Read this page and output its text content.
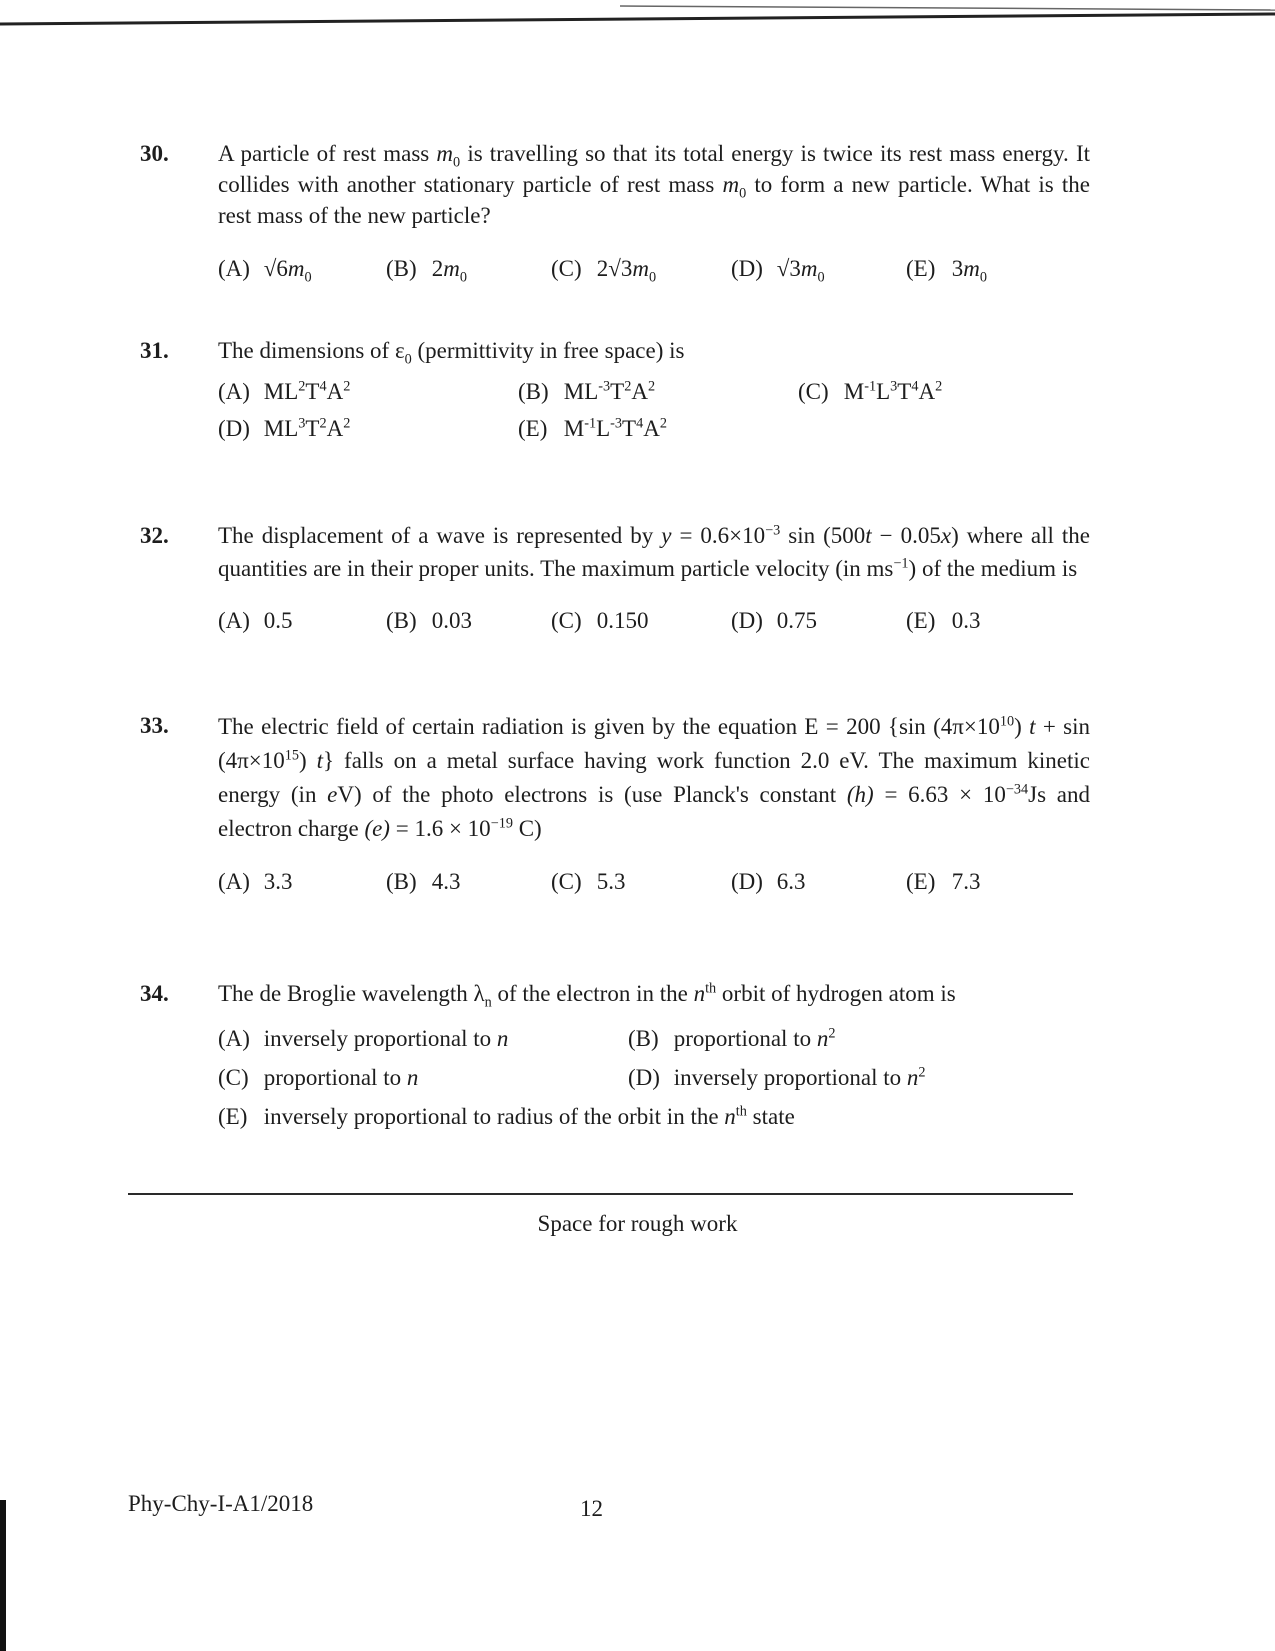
30.	A particle of rest mass $m_0$ is travelling so that its total energy is twice its rest mass energy. It collides with another stationary particle of rest mass $m_0$ to form a new particle. What is the rest mass of the new particle?
(A) $√6m_0$	(B) $2m_0$	(C) $2√3m_0$	(D) $√3m_0$	(E) $3m_0$
31.	The dimensions of $\varepsilon_0$ (permittivity in free space) is
(A) $ML^2T^4A^2$	(B) $ML^{-3}T^2A^2$	(C) $M^{-1}L^3T^4A^2$
(D) $ML^3T^2A^2$	(E) $M^{-1}L^{-3}T^4A^2$
32.	The displacement of a wave is represented by $y = 0.6\times 10^{-3}$ sin (500t − 0.05x) where all the quantities are in their proper units. The maximum particle velocity (in $ms^{-1}$) of the medium is
(A) 0.5	(B) 0.03	(C) 0.150	(D) 0.75	(E) 0.3
33.	The electric field of certain radiation is given by the equation E = 200 {sin $(4\pi\times 10^{10}) t + \sin (4\pi\times 10^{15})$ t} falls on a metal surface having work function 2.0 eV. The maximum kinetic energy (in eV) of the photo electrons is (use Planck's constant $(h) = 6.63 \times 10^{-34}Js$ and electron charge $(e) = 1.6 \times 10^{-19}$ C)
(A) 3.3	(B) 4.3	(C) 5.3	(D) 6.3	(E) 7.3
34.	The de Broglie wavelength $\lambda_n$ of the electron in the $n^{th}$ orbit of hydrogen atom is
(A) inversely proportional to n	(B) proportional to $n^2$
(C) proportional to n	(D) inversely proportional to $n^2$
(E) inversely proportional to radius of the orbit in the $n^{th}$ state
Space for rough work
Phy-Chy-I-A1/2018	12
